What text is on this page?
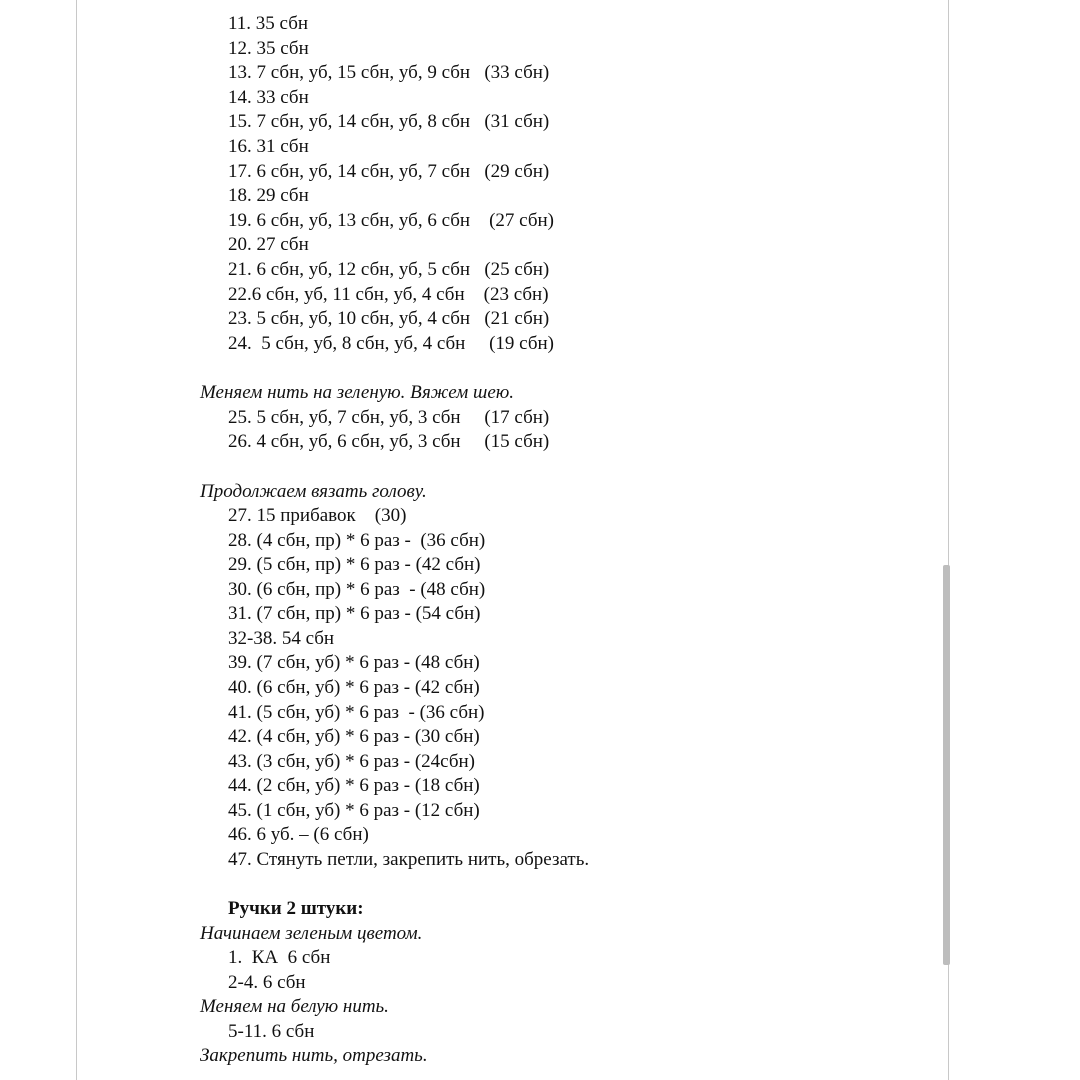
11. 35 сбн
12. 35 сбн
13. 7 сбн, уб, 15 сбн, уб, 9 сбн   (33 сбн)
14. 33 сбн
15. 7 сбн, уб, 14 сбн, уб, 8 сбн   (31 сбн)
16. 31 сбн
17. 6 сбн, уб, 14 сбн, уб, 7 сбн   (29 сбн)
18. 29 сбн
19. 6 сбн, уб, 13 сбн, уб, 6 сбн    (27 сбн)
20. 27 сбн
21. 6 сбн, уб, 12 сбн, уб, 5 сбн   (25 сбн)
22.6 сбн, уб, 11 сбн, уб, 4 сбн    (23 сбн)
23. 5 сбн, уб, 10 сбн, уб, 4 сбн   (21 сбн)
24.  5 сбн, уб, 8 сбн, уб, 4 сбн     (19 сбн)
Меняем нить на зеленую. Вяжем шею.
25. 5 сбн, уб, 7 сбн, уб, 3 сбн     (17 сбн)
26. 4 сбн, уб, 6 сбн, уб, 3 сбн     (15 сбн)
Продолжаем вязать голову.
27. 15 прибавок    (30)
28. (4 сбн, пр) * 6 раз -  (36 сбн)
29. (5 сбн, пр) * 6 раз - (42 сбн)
30. (6 сбн, пр) * 6 раз  - (48 сбн)
31. (7 сбн, пр) * 6 раз - (54 сбн)
32-38. 54 сбн
39. (7 сбн, уб) * 6 раз - (48 сбн)
40. (6 сбн, уб) * 6 раз - (42 сбн)
41. (5 сбн, уб) * 6 раз  - (36 сбн)
42. (4 сбн, уб) * 6 раз - (30 сбн)
43. (3 сбн, уб) * 6 раз - (24сбн)
44. (2 сбн, уб) * 6 раз - (18 сбн)
45. (1 сбн, уб) * 6 раз - (12 сбн)
46. 6 уб. – (6 сбн)
47. Стянуть петли, закрепить нить, обрезать.
Ручки 2 штуки:
Начинаем зеленым цветом.
1.  КА  6 сбн
2-4. 6 сбн
Меняем на белую нить.
5-11. 6 сбн
Закрепить нить, отрезать.
